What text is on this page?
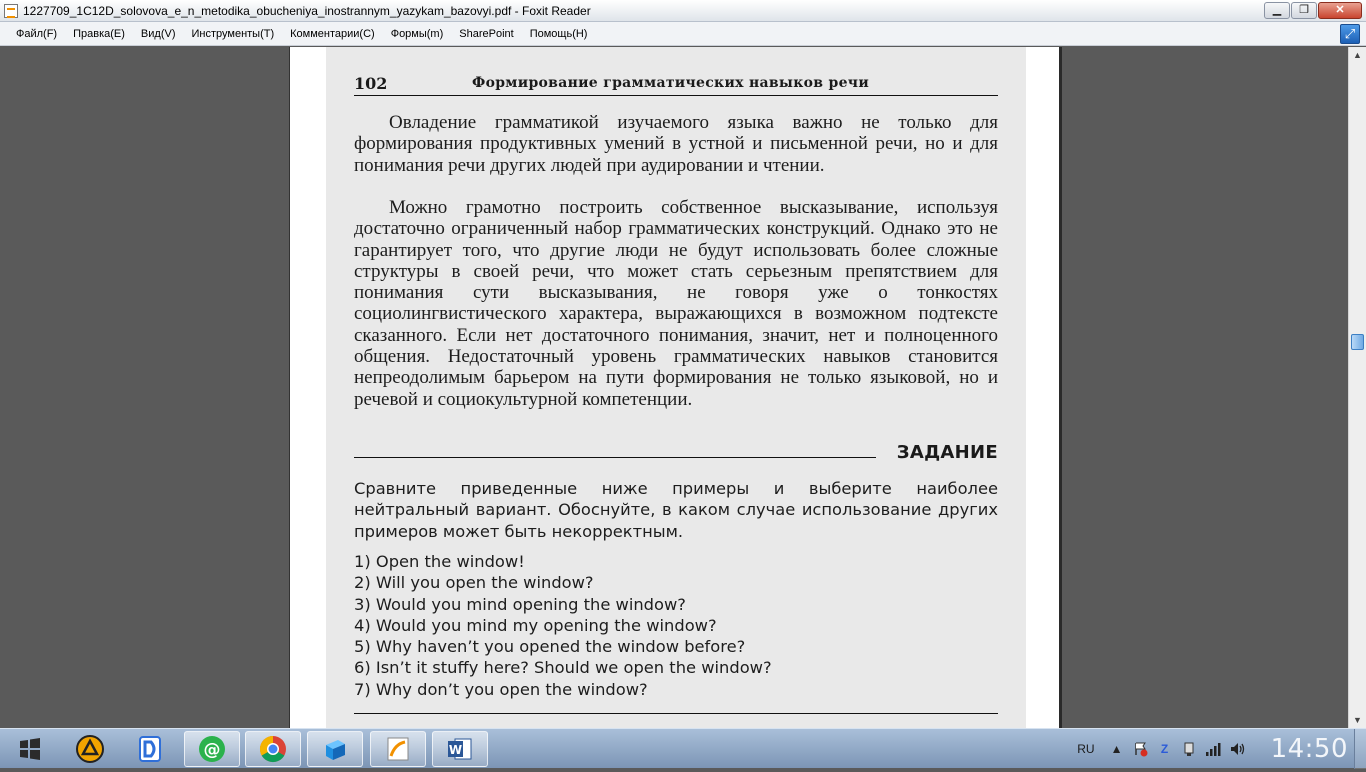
1227709_1C12D_solovova_e_n_metodika_obucheniya_inostrannym_yazykam_bazovyi.pdf - Foxit Reader	▁	❐	✕
Файл(F)	Правка(E)	Вид(V)	Инструменты(T)	Комментарии(C)	Формы(m)	SharePoint	Помощь(H)	⤢
102	Формирование грамматических навыков речи

Овладение грамматикой изучаемого языка важно не только для формирования продуктивных умений в устной и письменной речи, но и для понимания речи других людей при аудировании и чтении.

Можно грамотно построить собственное высказывание, используя достаточно ограниченный набор грамматических конструкций. Однако это не гарантирует того, что другие люди не будут использовать более сложные структуры в своей речи, что может стать серьезным препятствием для понимания сути высказывания, не говоря уже о тонкостях социолингвистического характера, выражающихся в возможном подтексте сказанного. Если нет достаточного понимания, значит, нет и полноценного общения. Недостаточный уровень грамматических навыков становится непреодолимым барьером на пути формирования не только языковой, но и речевой и социокультурной компетенции.

ЗАДАНИЕ

Сравните приведенные ниже примеры и выберите наиболее нейтральный вариант. Обоснуйте, в каком случае использование других примеров может быть некорректным.

1) Open the window!
2) Will you open the window?
3) Would you mind opening the window?
4) Would you mind my opening the window?
5) Why haven’t you opened the window before?
6) Isn’t it stuffy here? Should we open the window?
7) Why don’t you open the window?
▲
▼
@	W	RU ▲	Z	14:50
